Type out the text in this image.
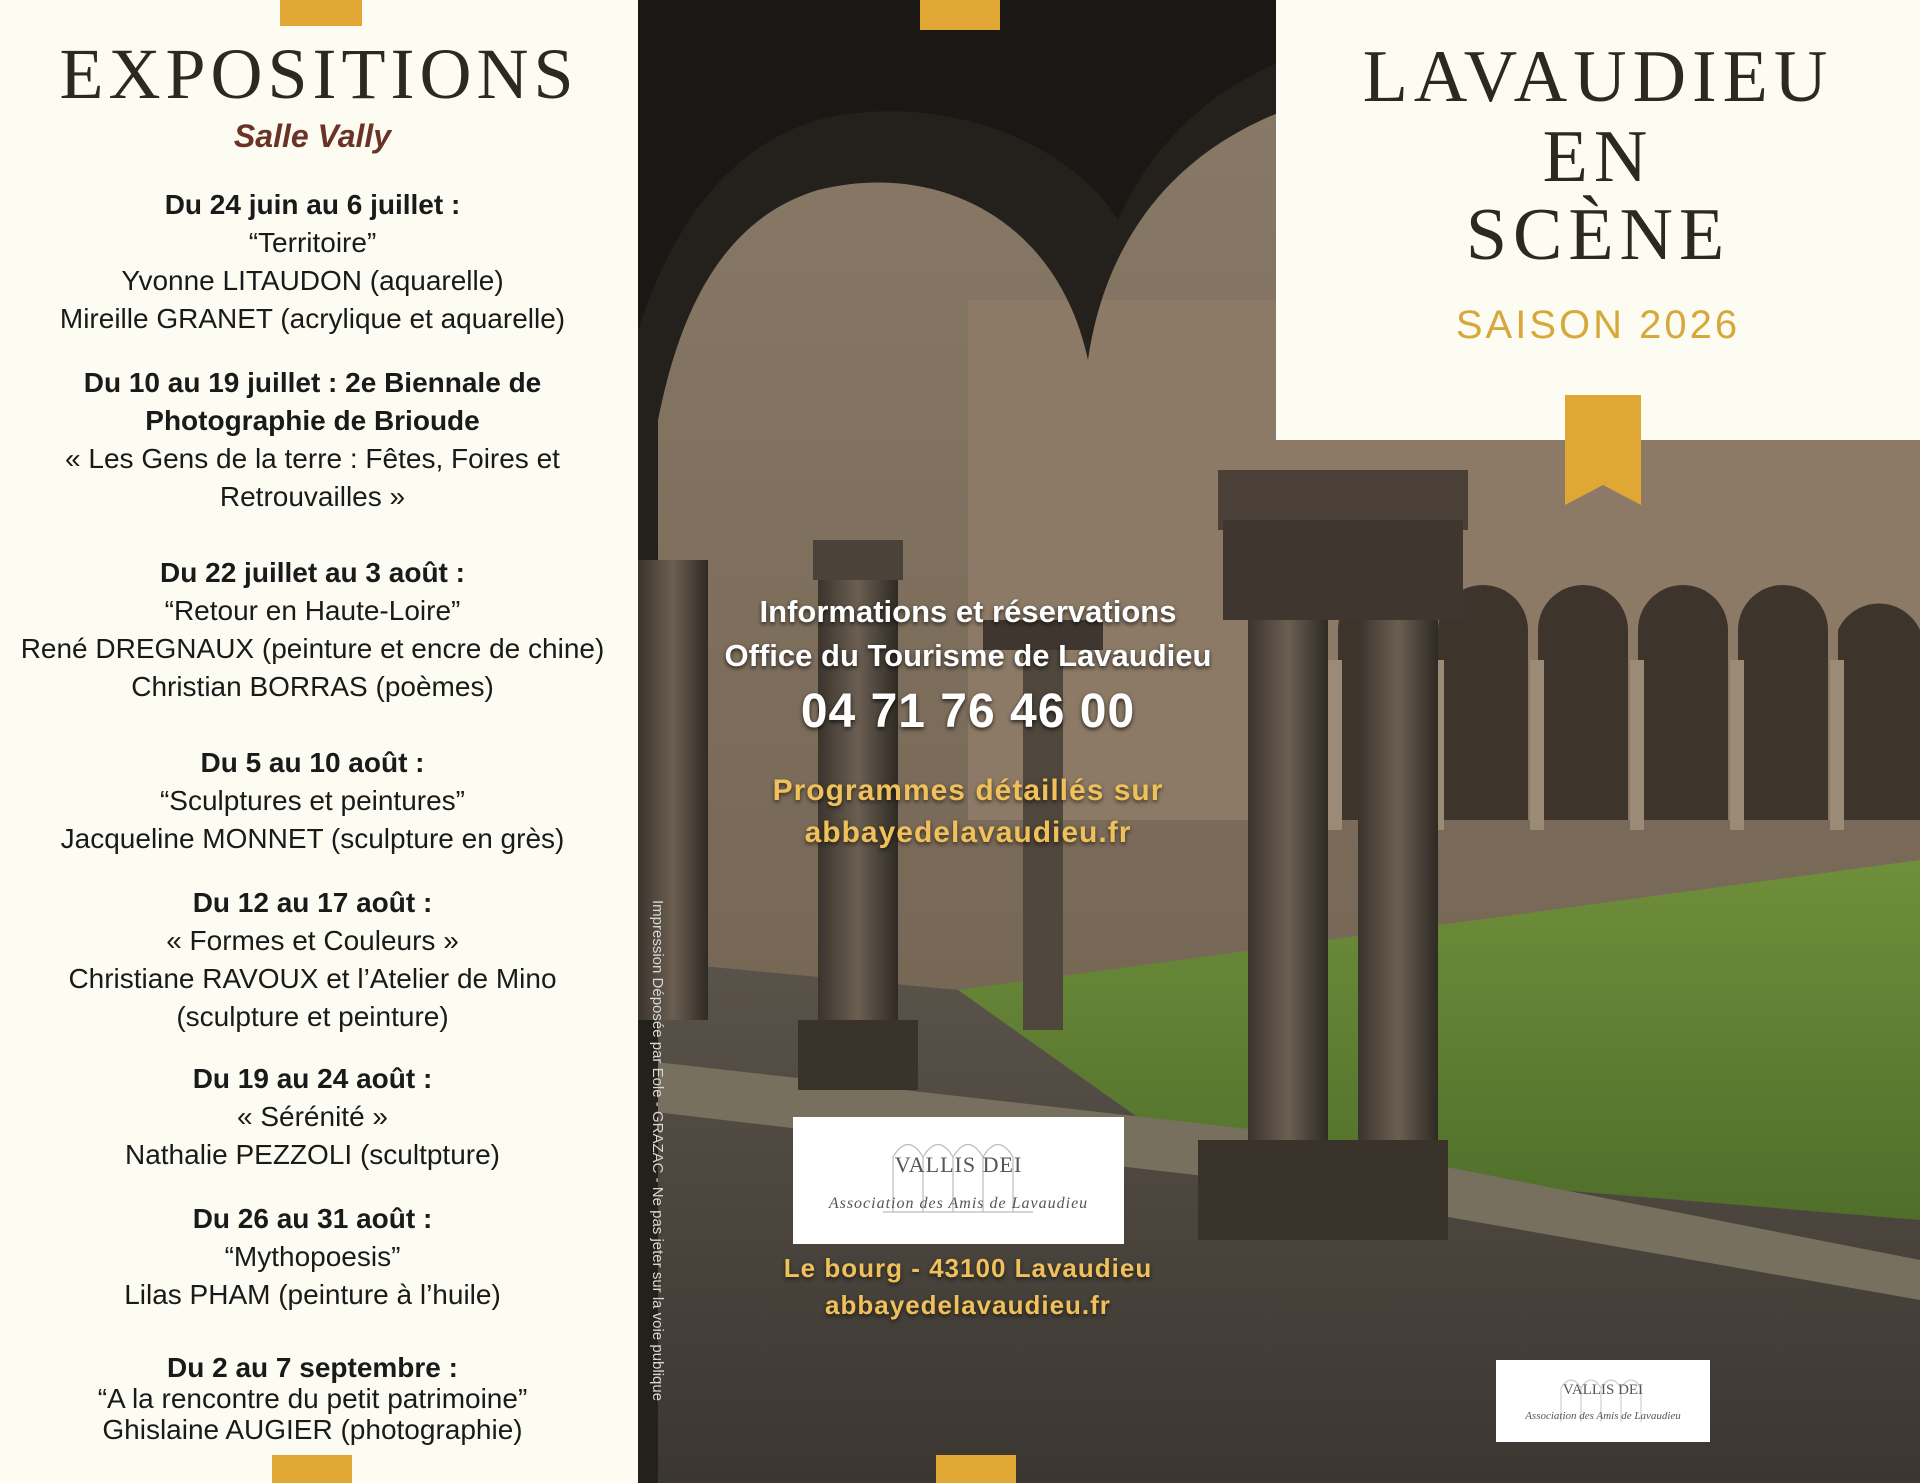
EXPOSITIONS
Salle Vally
Du 24 juin au 6 juillet :
“Territoire”
Yvonne LITAUDON (aquarelle)
Mireille GRANET (acrylique et aquarelle)
Du 10 au 19 juillet : 2e Biennale de
Photographie de Brioude
« Les Gens de la terre : Fêtes, Foires et
Retrouvailles »
Du 22 juillet au 3 août :
“Retour en Haute-Loire”
René DREGNAUX (peinture et encre de chine)
Christian BORRAS (poèmes)
Du 5 au 10 août :
“Sculptures et peintures”
Jacqueline MONNET (sculpture en grès)
Du 12 au 17 août :
« Formes et Couleurs »
Christiane RAVOUX et l’Atelier de Mino
(sculpture et peinture)
Du 19 au 24 août :
« Sérénité »
Nathalie PEZZOLI (scultpture)
Du 26 au 31 août :
“Mythopoesis”
Lilas PHAM (peinture à l’huile)
Du 2 au 7 septembre :
“A la rencontre du petit patrimoine”
Ghislaine AUGIER (photographie)
Informations et réservations
Office du Tourisme de Lavaudieu
04 71 76 46 00
Programmes détaillés sur
abbayedelavaudieu.fr
VALLIS DEI
Association des Amis de Lavaudieu
Le bourg - 43100 Lavaudieu
abbayedelavaudieu.fr
Impression Déposée par Eole - GRAZAC - Ne pas jeter sur la voie publique
LAVAUDIEU
EN
SCÈNE
SAISON 2026
VALLIS DEI
Association des Amis de Lavaudieu
